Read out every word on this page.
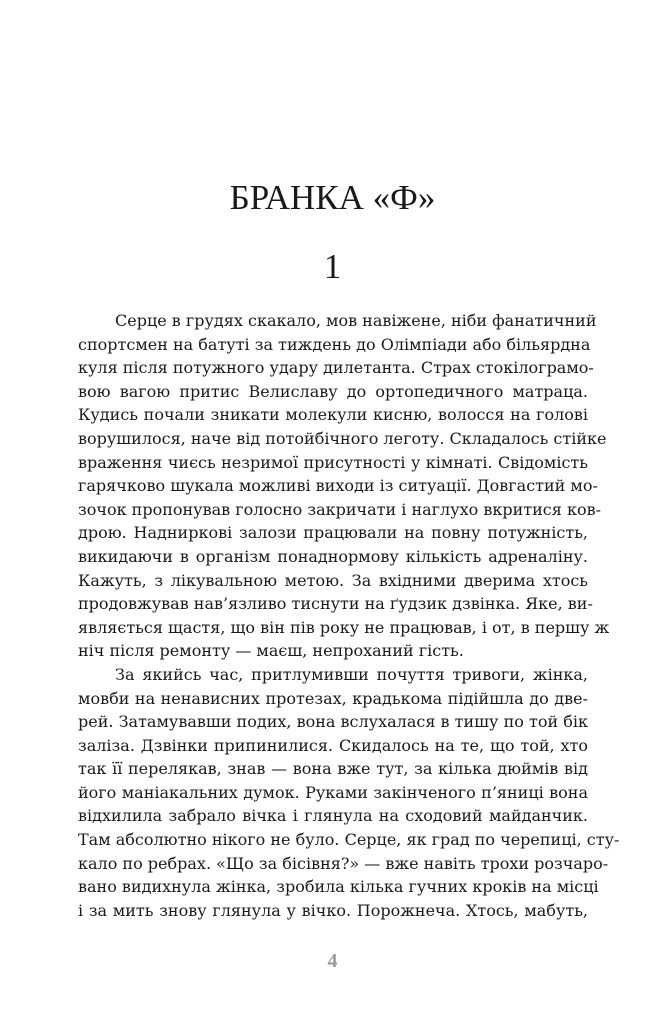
БРАНКА «Ф»
1
Серце в грудях скакало, мов навіжене, ніби фанатичний
спортсмен на батуті за тиждень до Олімпіади або більярдна
куля після потужного удару дилетанта. Страх стокілограмо-
вою вагою притис Велиславу до ортопедичного матраца.
Кудись почали зникати молекули кисню, волосся на голові
ворушилося, наче від потойбічного леготу. Складалось стійке
враження чиєсь незримої присутності у кімнаті. Свідомість
гарячково шукала можливі виходи із ситуації. Довгастий мо-
зочок пропонував голосно закричати і наглухо вкритися ков-
дрою. Надниркові залози працювали на повну потужність,
викидаючи в організм понаднормову кількість адреналіну.
Кажуть, з лікувальною метою. За вхідними дверима хтось
продовжував нав’язливо тиснути на ґудзик дзвінка. Яке, ви-
являється щастя, що він пів року не працював, і от, в першу ж
ніч після ремонту — маєш, непроханий гість.
За якийсь час, притлумивши почуття тривоги, жінка,
мовби на ненависних протезах, крадькома підійшла до две-
рей. Затамувавши подих, вона вслухалася в тишу по той бік
заліза. Дзвінки припинилися. Скидалось на те, що той, хто
так її перелякав, знав — вона вже тут, за кілька дюймів від
його маніакальних думок. Руками закінченого п’яниці вона
відхилила забрало вічка і глянула на сходовий майданчик.
Там абсолютно нікого не було. Серце, як град по черепиці, сту-
кало по ребрах. «Що за бісівня?» — вже навіть трохи розчаро-
вано видихнула жінка, зробила кілька гучних кроків на місці
і за мить знову глянула у вічко. Порожнеча. Хтось, мабуть,
4
